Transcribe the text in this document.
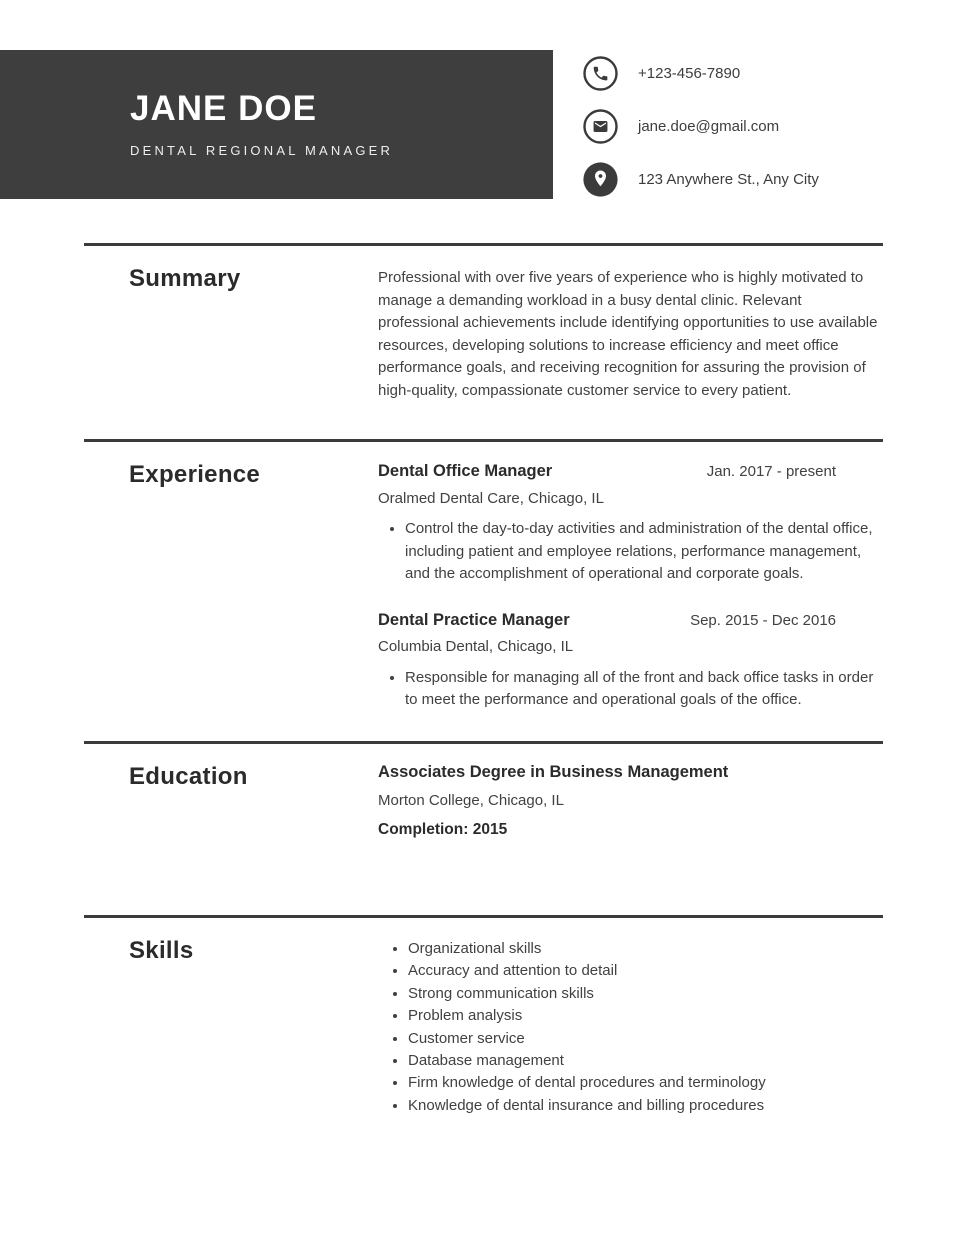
JANE DOE
DENTAL REGIONAL MANAGER
+123-456-7890
jane.doe@gmail.com
123 Anywhere St., Any City
Summary	Professional with over five years of experience who is highly motivated to manage a demanding workload in a busy dental clinic. Relevant professional achievements include identifying opportunities to use available resources, developing solutions to increase efficiency and meet office performance goals, and receiving recognition for assuring the provision of high-quality, compassionate customer service to every patient.

Experience	Dental Office Manager	Jan. 2017 - present
Oralmed Dental Care, Chicago, IL
• Control the day-to-day activities and administration of the dental office, including patient and employee relations, performance management, and the accomplishment of operational and corporate goals.
Dental Practice Manager	Sep. 2015 - Dec 2016
Columbia Dental, Chicago, IL
• Responsible for managing all of the front and back office tasks in order to meet the performance and operational goals of the office.
Education	Associates Degree in Business Management
Morton College, Chicago, IL
Completion: 2015
Skills	• Organizational skills
• Accuracy and attention to detail
• Strong communication skills
• Problem analysis
• Customer service
• Database management
• Firm knowledge of dental procedures and terminology
• Knowledge of dental insurance and billing procedures
